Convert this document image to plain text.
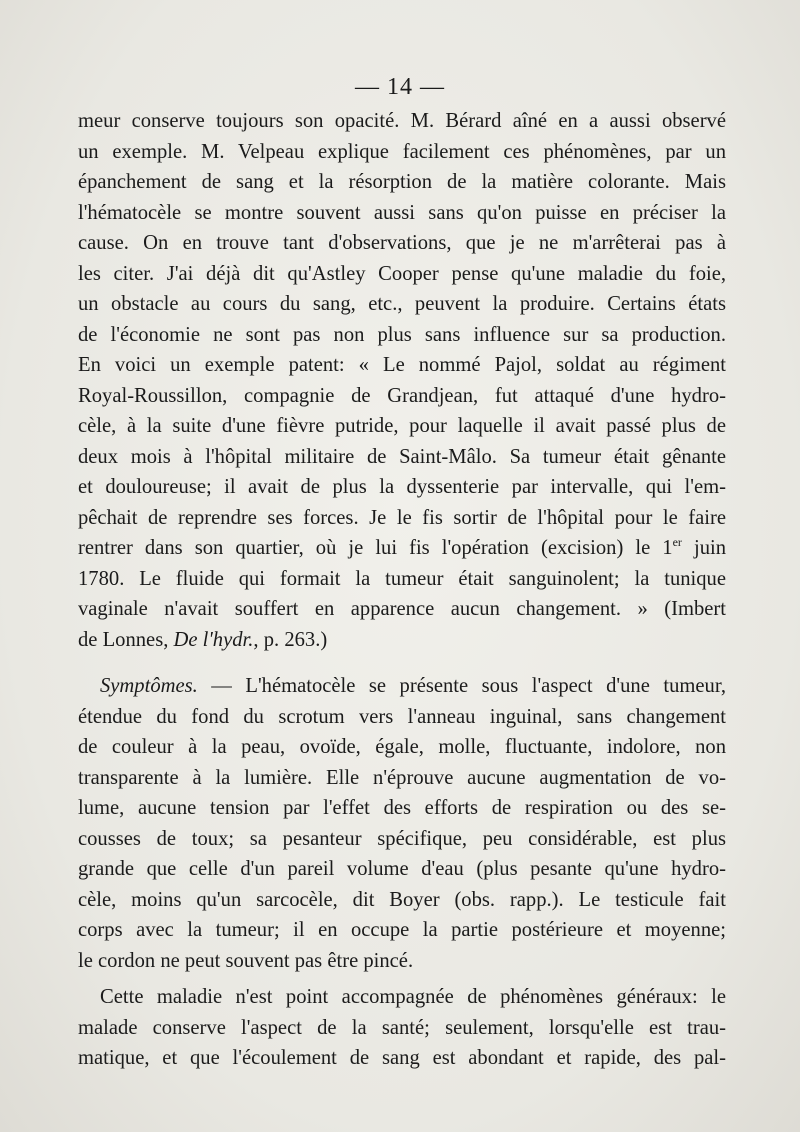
— 14 —
meur conserve toujours son opacité. M. Bérard aîné en a aussi observé
un exemple. M. Velpeau explique facilement ces phénomènes, par un
épanchement de sang et la résorption de la matière colorante. Mais
l'hématocèle se montre souvent aussi sans qu'on puisse en préciser la
cause. On en trouve tant d'observations, que je ne m'arrêterai pas à
les citer. J'ai déjà dit qu'Astley Cooper pense qu'une maladie du foie,
un obstacle au cours du sang, etc., peuvent la produire. Certains états
de l'économie ne sont pas non plus sans influence sur sa production.
En voici un exemple patent: « Le nommé Pajol, soldat au régiment
Royal-Roussillon, compagnie de Grandjean, fut attaqué d'une hydro-
cèle, à la suite d'une fièvre putride, pour laquelle il avait passé plus de
deux mois à l'hôpital militaire de Saint-Mâlo. Sa tumeur était gênante
et douloureuse; il avait de plus la dyssenterie par intervalle, qui l'em-
pêchait de reprendre ses forces. Je le fis sortir de l'hôpital pour le faire
rentrer dans son quartier, où je lui fis l'opération (excision) le 1er juin
1780. Le fluide qui formait la tumeur était sanguinolent; la tunique
vaginale n'avait souffert en apparence aucun changement. » (Imbert
de Lonnes, De l'hydr., p. 263.)
Symptômes. — L'hématocèle se présente sous l'aspect d'une tumeur,
étendue du fond du scrotum vers l'anneau inguinal, sans changement
de couleur à la peau, ovoïde, égale, molle, fluctuante, indolore, non
transparente à la lumière. Elle n'éprouve aucune augmentation de vo-
lume, aucune tension par l'effet des efforts de respiration ou des se-
cousses de toux; sa pesanteur spécifique, peu considérable, est plus
grande que celle d'un pareil volume d'eau (plus pesante qu'une hydro-
cèle, moins qu'un sarcocèle, dit Boyer (obs. rapp.). Le testicule fait
corps avec la tumeur; il en occupe la partie postérieure et moyenne;
le cordon ne peut souvent pas être pincé.
Cette maladie n'est point accompagnée de phénomènes généraux: le
malade conserve l'aspect de la santé; seulement, lorsqu'elle est trau-
matique, et que l'écoulement de sang est abondant et rapide, des pal-
